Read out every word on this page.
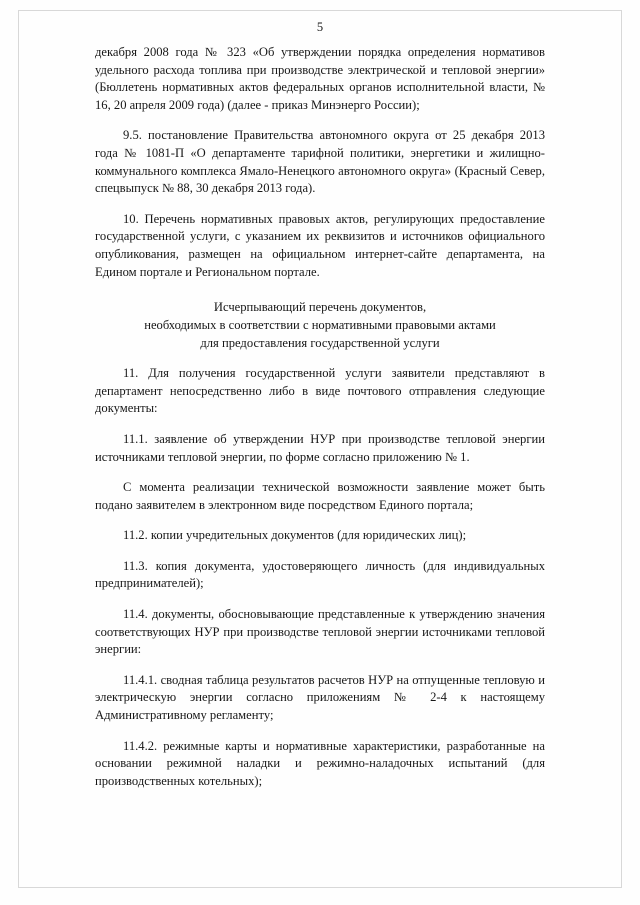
5

декабря 2008 года № 323 «Об утверждении порядка определения нормативов удельного расхода топлива при производстве электрической и тепловой энергии» (Бюллетень нормативных актов федеральных органов исполнительной власти, № 16, 20 апреля 2009 года) (далее - приказ Минэнерго России);

9.5. постановление Правительства автономного округа от 25 декабря 2013 года № 1081-П «О департаменте тарифной политики, энергетики и жилищно-коммунального комплекса Ямало-Ненецкого автономного округа» (Красный Север, спецвыпуск № 88, 30 декабря 2013 года).

10. Перечень нормативных правовых актов, регулирующих предоставление государственной услуги, с указанием их реквизитов и источников официального опубликования, размещен на официальном интернет-сайте департамента, на Едином портале и Региональном портале.

Исчерпывающий перечень документов,

необходимых в соответствии с нормативными правовыми актами

для предоставления государственной услуги

11. Для получения государственной услуги заявители представляют в департамент непосредственно либо в виде почтового отправления следующие документы:

11.1. заявление об утверждении НУР при производстве тепловой энергии источниками тепловой энергии, по форме согласно приложению № 1.

С момента реализации технической возможности заявление может быть подано заявителем в электронном виде посредством Единого портала;

11.2. копии учредительных документов (для юридических лиц);

11.3. копия документа, удостоверяющего личность (для индивидуальных предпринимателей);

11.4. документы, обосновывающие представленные к утверждению значения соответствующих НУР при производстве тепловой энергии источниками тепловой энергии:

11.4.1. сводная таблица результатов расчетов НУР на отпущенные тепловую и электрическую энергии согласно приложениям № 2-4 к настоящему Административному регламенту;

11.4.2. режимные карты и нормативные характеристики, разработанные на основании режимной наладки и режимно-наладочных испытаний (для производственных котельных);
